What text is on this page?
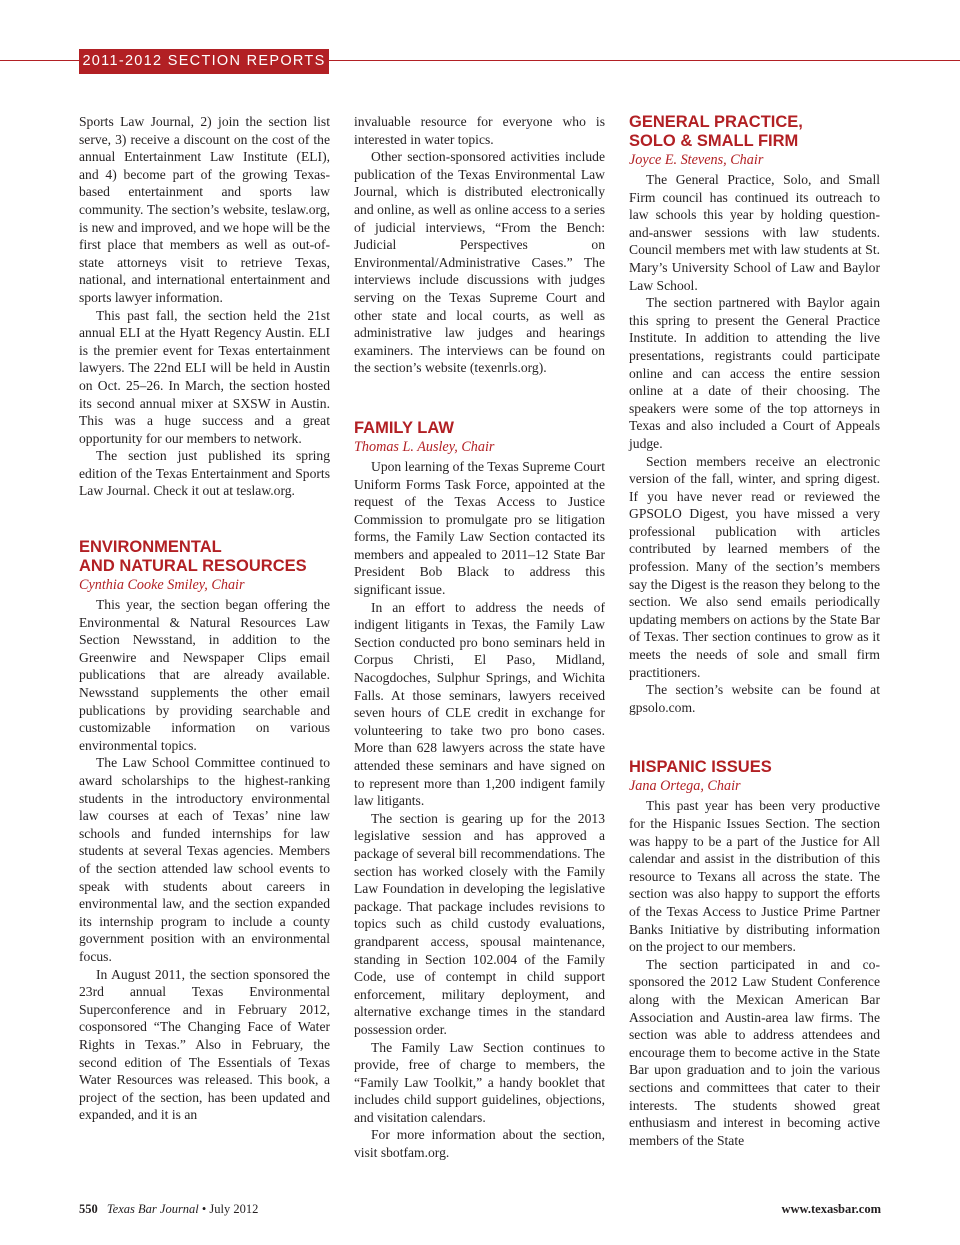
2011-2012 SECTION REPORTS

Sports Law Journal, 2) join the section list serve, 3) receive a discount on the cost of the annual Entertainment Law Institute (ELI), and 4) become part of the growing Texas-based entertainment and sports law community. The section’s website, teslaw.org, is new and improved, and we hope will be the first place that members as well as out-of-state attorneys visit to retrieve Texas, national, and international entertainment and sports lawyer information.

This past fall, the section held the 21st annual ELI at the Hyatt Regency Austin. ELI is the premier event for Texas entertainment lawyers. The 22nd ELI will be held in Austin on Oct. 25–26. In March, the section hosted its second annual mixer at SXSW in Austin. This was a huge success and a great opportunity for our members to network.

The section just published its spring edition of the Texas Entertainment and Sports Law Journal. Check it out at teslaw.org.

ENVIRONMENTAL
AND NATURAL RESOURCES
Cynthia Cooke Smiley, Chair

This year, the section began offering the Environmental & Natural Resources Law Section Newsstand, in addition to the Greenwire and Newspaper Clips email publications that are already available. Newsstand supplements the other email publications by providing searchable and customizable information on various environmental topics.

The Law School Committee continued to award scholarships to the highest-ranking students in the introductory environmental law courses at each of Texas’ nine law schools and funded internships for law students at several Texas agencies. Members of the section attended law school events to speak with students about careers in environmental law, and the section expanded its internship program to include a county government position with an environmental focus.

In August 2011, the section sponsored the 23rd annual Texas Environmental Superconference and in February 2012, cosponsored “The Changing Face of Water Rights in Texas.” Also in February, the second edition of The Essentials of Texas Water Resources was released. This book, a project of the section, has been updated and expanded, and it is an

invaluable resource for everyone who is interested in water topics.

Other section-sponsored activities include publication of the Texas Environmental Law Journal, which is distributed electronically and online, as well as online access to a series of judicial interviews, “From the Bench: Judicial Perspectives on Environmental/Administrative Cases.” The interviews include discussions with judges serving on the Texas Supreme Court and other state and local courts, as well as administrative law judges and hearings examiners. The interviews can be found on the section’s website (texenrls.org).

FAMILY LAW
Thomas L. Ausley, Chair

Upon learning of the Texas Supreme Court Uniform Forms Task Force, appointed at the request of the Texas Access to Justice Commission to promulgate pro se litigation forms, the Family Law Section contacted its members and appealed to 2011–12 State Bar President Bob Black to address this significant issue.

In an effort to address the needs of indigent litigants in Texas, the Family Law Section conducted pro bono seminars held in Corpus Christi, El Paso, Midland, Nacogdoches, Sulphur Springs, and Wichita Falls. At those seminars, lawyers received seven hours of CLE credit in exchange for volunteering to take two pro bono cases. More than 628 lawyers across the state have attended these seminars and have signed on to represent more than 1,200 indigent family law litigants.

The section is gearing up for the 2013 legislative session and has approved a package of several bill recommendations. The section has worked closely with the Family Law Foundation in developing the legislative package. That package includes revisions to topics such as child custody evaluations, grandparent access, spousal maintenance, standing in Section 102.004 of the Family Code, use of contempt in child support enforcement, military deployment, and alternative exchange times in the standard possession order.

The Family Law Section continues to provide, free of charge to members, the “Family Law Toolkit,” a handy booklet that includes child support guidelines, objections, and visitation calendars.

For more information about the section, visit sbotfam.org.

GENERAL PRACTICE,
SOLO & SMALL FIRM
Joyce E. Stevens, Chair

The General Practice, Solo, and Small Firm council has continued its outreach to law schools this year by holding question-and-answer sessions with law students. Council members met with law students at St. Mary’s University School of Law and Baylor Law School.

The section partnered with Baylor again this spring to present the General Practice Institute. In addition to attending the live presentations, registrants could participate online and can access the entire session online at a date of their choosing. The speakers were some of the top attorneys in Texas and also included a Court of Appeals judge.

Section members receive an electronic version of the fall, winter, and spring digest. If you have never read or reviewed the GPSOLO Digest, you have missed a very professional publication with articles contributed by learned members of the profession. Many of the section’s members say the Digest is the reason they belong to the section. We also send emails periodically updating members on actions by the State Bar of Texas. Ther section continues to grow as it meets the needs of sole and small firm practitioners.

The section’s website can be found at gpsolo.com.

HISPANIC ISSUES
Jana Ortega, Chair

This past year has been very productive for the Hispanic Issues Section. The section was happy to be a part of the Justice for All calendar and assist in the distribution of this resource to Texans all across the state. The section was also happy to support the efforts of the Texas Access to Justice Prime Partner Banks Initiative by distributing information on the project to our members.

The section participated in and co-sponsored the 2012 Law Student Conference along with the Mexican American Bar Association and Austin-area law firms. The section was able to address attendees and encourage them to become active in the State Bar upon graduation and to join the various sections and committees that cater to their interests. The students showed great enthusiasm and interest in becoming active members of the State

550 Texas Bar Journal • July 2012	www.texasbar.com
